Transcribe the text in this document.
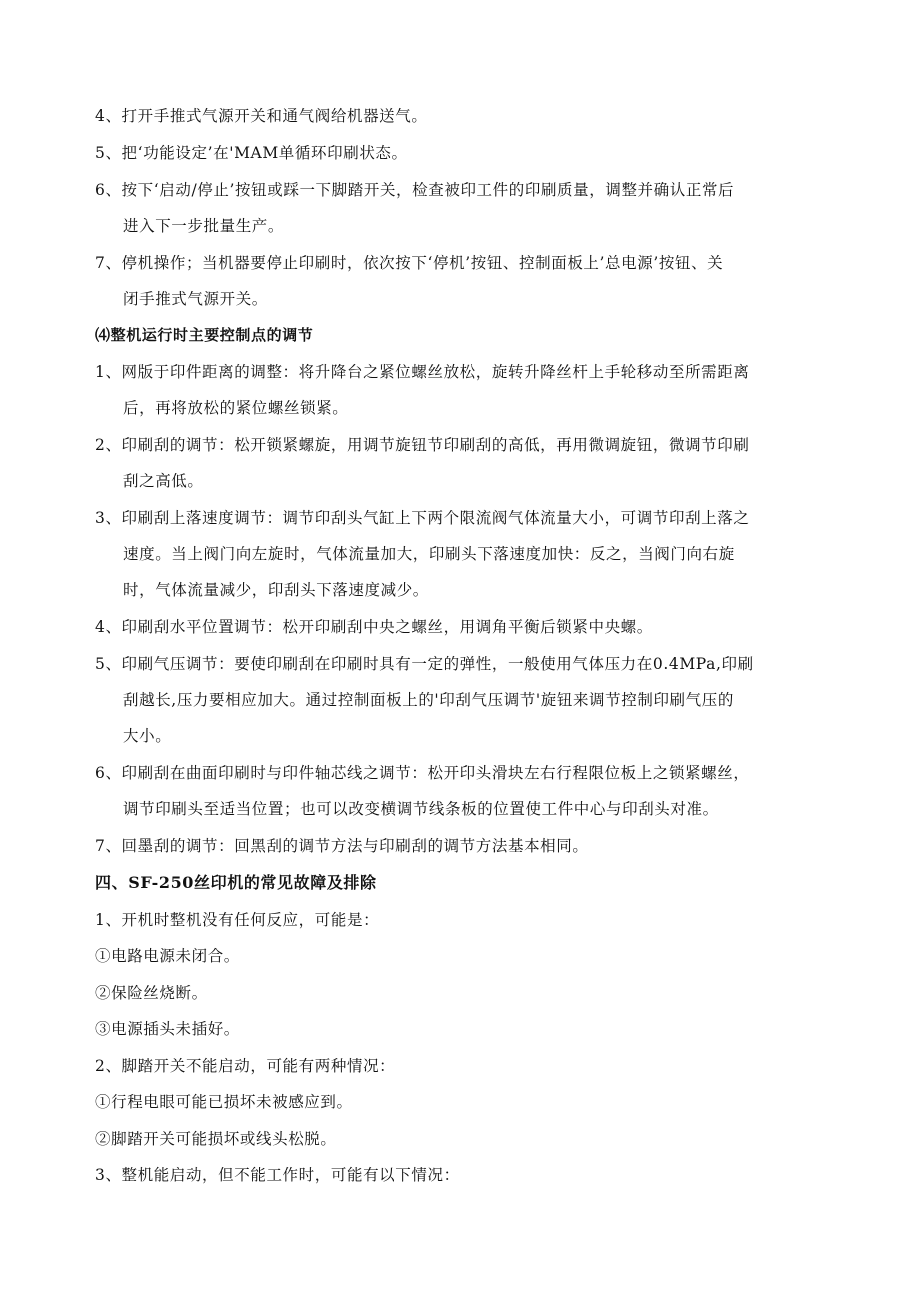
4、打开手推式气源开关和通气阀给机器送气。
5、把‘功能设定’在'MAM单循环印刷状态。
6、按下‘启动/停止’按钮或踩一下脚踏开关，检查被印工件的印刷质量，调整并确认正常后
进入下一步批量生产。
7、停机操作；当机器要停止印刷时，依次按下‘停机’按钮、控制面板上’总电源’按钮、关
闭手推式气源开关。
⑷整机运行时主要控制点的调节
1、网版于印件距离的调整：将升降台之紧位螺丝放松，旋转升降丝杆上手轮移动至所需距离
后，再将放松的紧位螺丝锁紧。
2、印刷刮的调节：松开锁紧螺旋，用调节旋钮节印刷刮的高低，再用微调旋钮，微调节印刷
刮之高低。
3、印刷刮上落速度调节：调节印刮头气缸上下两个限流阀气体流量大小，可调节印刮上落之
速度。当上阀门向左旋时，气体流量加大，印刷头下落速度加快：反之，当阀门向右旋
时，气体流量减少，印刮头下落速度减少。
4、印刷刮水平位置调节：松开印刷刮中央之螺丝，用调角平衡后锁紧中央螺。
5、印刷气压调节：要使印刷刮在印刷时具有一定的弹性，一般使用气体压力在0.4MPa,印刷
刮越长,压力要相应加大。通过控制面板上的'印刮气压调节'旋钮来调节控制印刷气压的
大小。
6、印刷刮在曲面印刷时与印件轴芯线之调节：松开印头滑块左右行程限位板上之锁紧螺丝，
调节印刷头至适当位置；也可以改变横调节线条板的位置使工件中心与印刮头对准。
7、回墨刮的调节：回黑刮的调节方法与印刷刮的调节方法基本相同。
四、SF-250丝印机的常见故障及排除
1、开机时整机没有任何反应，可能是：
①电路电源未闭合。
②保险丝烧断。
③电源插头未插好。
2、脚踏开关不能启动，可能有两种情况：
①行程电眼可能已损坏未被感应到。
②脚踏开关可能损坏或线头松脱。
3、整机能启动，但不能工作时，可能有以下情况：
